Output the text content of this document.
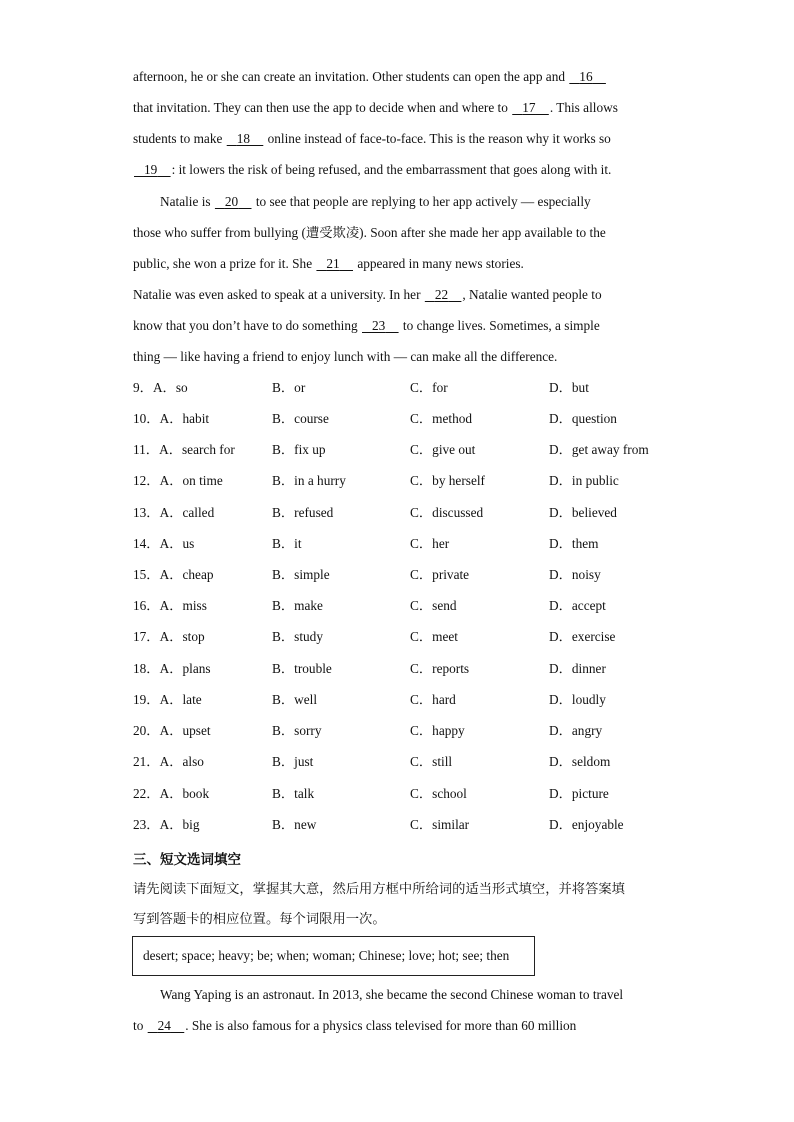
afternoon, he or she can create an invitation. Other students can open the app and    16
that invitation. They can then use the app to decide when and where to    17 . This allows
students to make    18     online instead of face-to-face. This is the reason why it works so
19 : it lowers the risk of being refused, and the embarrassment that goes along with it.
Natalie is    20     to see that people are replying to her app actively — especially
those who suffer from bullying (遭受欺凌). Soon after she made her app available to the
public, she won a prize for it. She    21     appeared in many news stories.
Natalie was even asked to speak at a university. In her    22 , Natalie wanted people to
know that you don’t have to do something    23     to change lives. Sometimes, a simple
thing — like having a friend to enjoy lunch with — can make all the difference.
9．A．so	B．or	C．for	D．but
10．A．habit	B．course	C．method	D．question
11．A．search for	B．fix up	C．give out	D．get away from
12．A．on time	B．in a hurry	C．by herself	D．in public
13．A．called	B．refused	C．discussed	D．believed
14．A．us	B．it	C．her	D．them
15．A．cheap	B．simple	C．private	D．noisy
16．A．miss	B．make	C．send	D．accept
17．A．stop	B．study	C．meet	D．exercise
18．A．plans	B．trouble	C．reports	D．dinner
19．A．late	B．well	C．hard	D．loudly
20．A．upset	B．sorry	C．happy	D．angry
21．A．also	B．just	C．still	D．seldom
22．A．book	B．talk	C．school	D．picture
23．A．big	B．new	C．similar	D．enjoyable
三、短文选词填空
请先阅读下面短文，掌握其大意，然后用方框中所给词的适当形式填空，并将答案填
写到答题卡的相应位置。每个词限用一次。
desert; space; heavy; be; when; woman; Chinese; love; hot; see; then
Wang Yaping is an astronaut. In 2013, she became the second Chinese woman to travel
to    24 . She is also famous for a physics class televised for more than 60 million
